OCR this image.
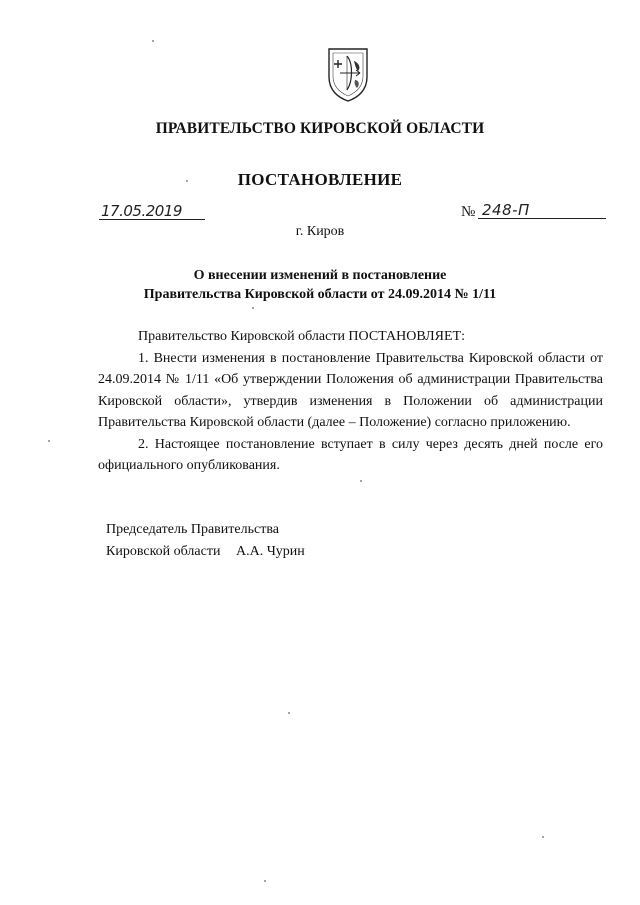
ПРАВИТЕЛЬСТВО КИРОВСКОЙ ОБЛАСТИ
ПОСТАНОВЛЕНИЕ
17.05.2019	№ 248-П
г. Киров
О внесении изменений в постановление
Правительства Кировской области от 24.09.2014 № 1/11

Правительство Кировской области ПОСТАНОВЛЯЕТ:

1. Внести изменения в постановление Правительства Кировской области от 24.09.2014 № 1/11 «Об утверждении Положения об администрации Правительства Кировской области», утвердив изменения в Положении об администрации Правительства Кировской области (далее – Положение) согласно приложению.

2. Настоящее постановление вступает в силу через десять дней после его официального опубликования.

Председатель Правительства
Кировской области А.А. Чурин
